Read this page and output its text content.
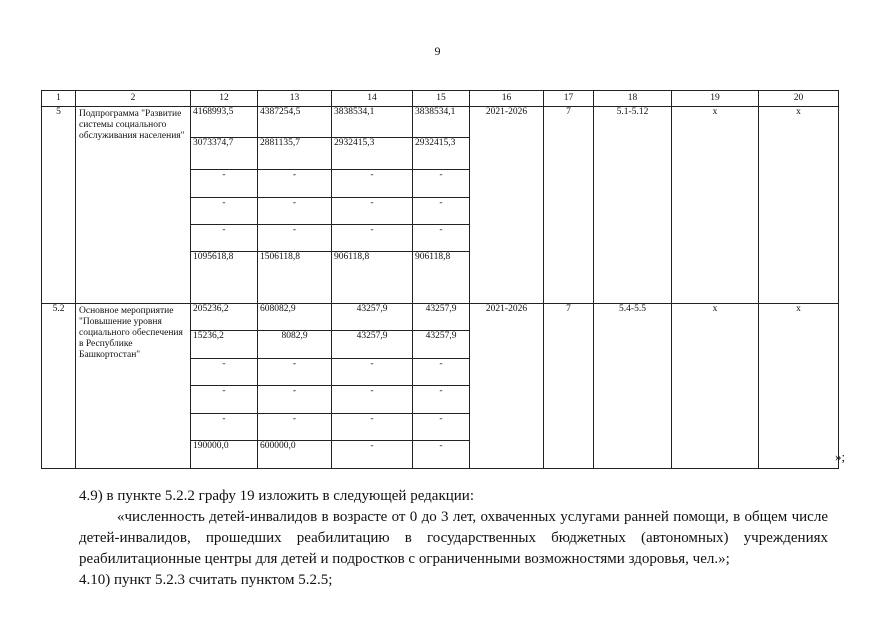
9
1	2	12	13	14	15	16	17	18	19	20
5	Подпрограмма "Развитие системы социального обслуживания населения"	4168993,5	4387254,5	3838534,1	3838534,1	2021-2026	7	5.1-5.12	х	х
		3073374,7	2881135,7	2932415,3	2932415,3					
		-	-	-	-					
		-	-	-	-					
		-	-	-	-					
		1095618,8	1506118,8	906118,8	906118,8					
5.2	Основное мероприятие "Повышение уровня социального обеспечения в Республике Башкортостан"	205236,2	608082,9	43257,9	43257,9	2021-2026	7	5.4-5.5	х	х
		15236,2	8082,9	43257,9	43257,9					
		-	-	-	-					
		-	-	-	-					
		-	-	-	-					
		190000,0	600000,0	-	-					
»;

4.9) в пункте 5.2.2 графу 19 изложить в следующей редакции:

«численность детей-инвалидов в возрасте от 0 до 3 лет, охваченных услугами ранней помощи, в общем числе детей-инвалидов, прошедших реабилитацию в государственных бюджетных (автономных) учреждениях реабилитационные центры для детей и подростков с ограниченными возможностями здоровья, чел.»;

4.10) пункт 5.2.3 считать пунктом 5.2.5;
